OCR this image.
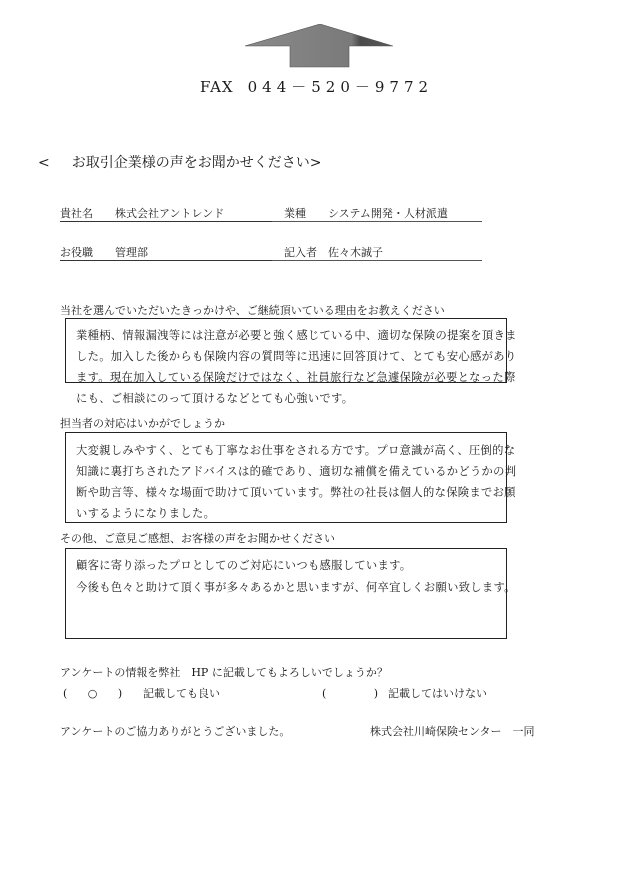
FAX 044－520－9772
< お取引企業様の声をお聞かせください>
貴社名 株式会社アントレンド	業種 システム開発・人材派遣
お役職 管理部	記入者 佐々木誠子
当社を選んでいただいたきっかけや、ご継続頂いている理由をお教えください

業種柄、情報漏洩等には注意が必要と強く感じている中、適切な保険の提案を頂きま

した。加入した後からも保険内容の質問等に迅速に回答頂けて、とても安心感があり

ます。現在加入している保険だけではなく、社員旅行など急遽保険が必要となった際

にも、ご相談にのって頂けるなどとても心強いです。

担当者の対応はいかがでしょうか

大変親しみやすく、とても丁寧なお仕事をされる方です。プロ意識が高く、圧倒的な

知識に裏打ちされたアドバイスは的確であり、適切な補償を備えているかどうかの判

断や助言等、様々な場面で助けて頂いています。弊社の社長は個人的な保険までお願

いするようになりました。

その他、ご意見ご感想、お客様の声をお聞かせください

顧客に寄り添ったプロとしてのご対応にいつも感服しています。

今後も色々と助けて頂く事が多々あるかと思いますが、何卒宜しくお願い致します。

アンケートの情報を弊社　HP に記載してもよろしいでしょうか？
(　 ○ 　) 記載しても良い	(　　　　 ) 記載してはいけない
アンケートのご協力ありがとうございました。	株式会社川崎保険センター　一同
